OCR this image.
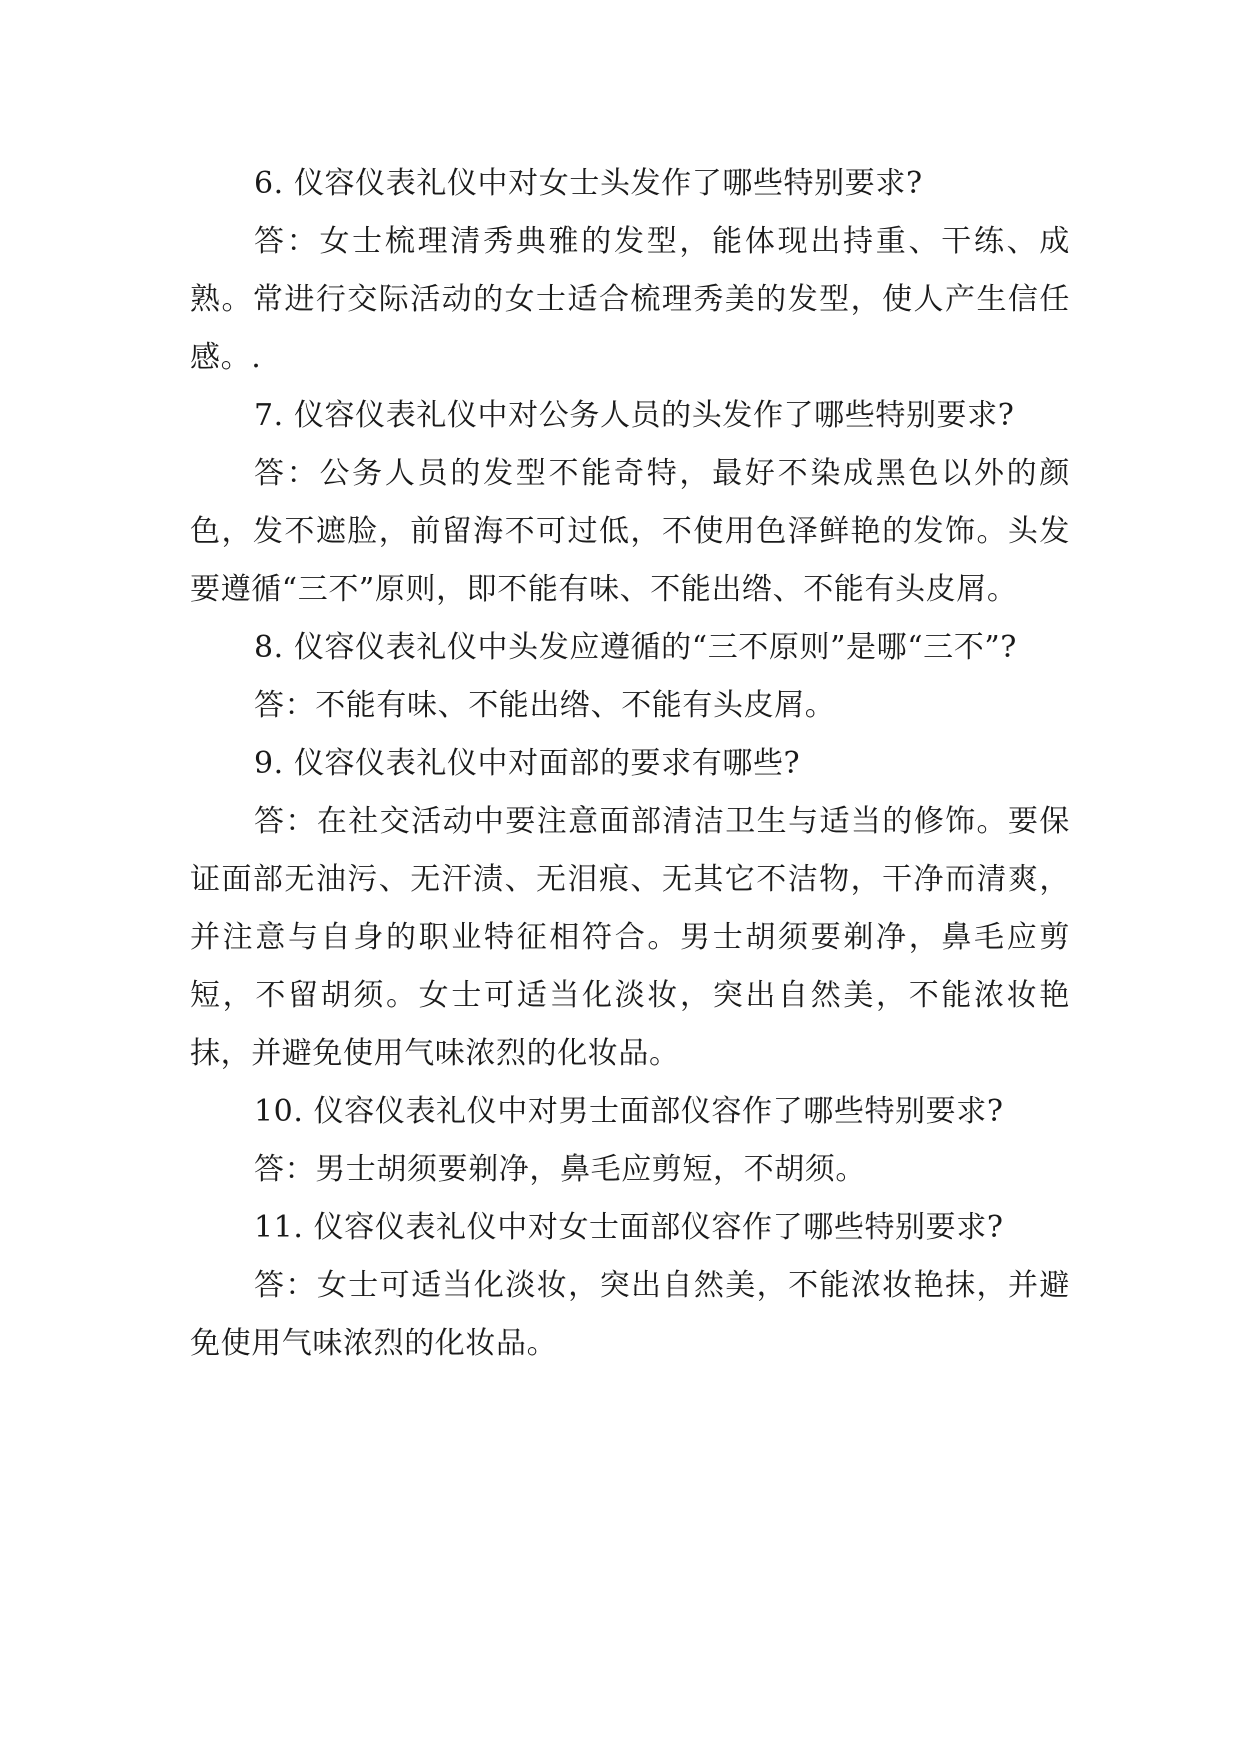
6. 仪容仪表礼仪中对女士头发作了哪些特别要求?

答：女士梳理清秀典雅的发型，能体现出持重、干练、成熟。常进行交际活动的女士适合梳理秀美的发型，使人产生信任感。.

7. 仪容仪表礼仪中对公务人员的头发作了哪些特别要求?

答：公务人员的发型不能奇特，最好不染成黑色以外的颜色，发不遮脸，前留海不可过低，不使用色泽鲜艳的发饰。头发要遵循“三不”原则，即不能有味、不能出绺、不能有头皮屑。

8. 仪容仪表礼仪中头发应遵循的“三不原则”是哪“三不”?

答：不能有味、不能出绺、不能有头皮屑。

9. 仪容仪表礼仪中对面部的要求有哪些?

答：在社交活动中要注意面部清洁卫生与适当的修饰。要保证面部无油污、无汗渍、无泪痕、无其它不洁物，干净而清爽，并注意与自身的职业特征相符合。男士胡须要剃净，鼻毛应剪短，不留胡须。女士可适当化淡妆，突出自然美，不能浓妆艳抹，并避免使用气味浓烈的化妆品。

10. 仪容仪表礼仪中对男士面部仪容作了哪些特别要求?

答：男士胡须要剃净，鼻毛应剪短，不胡须。

11. 仪容仪表礼仪中对女士面部仪容作了哪些特别要求?

答：女士可适当化淡妆，突出自然美，不能浓妆艳抹，并避免使用气味浓烈的化妆品。
